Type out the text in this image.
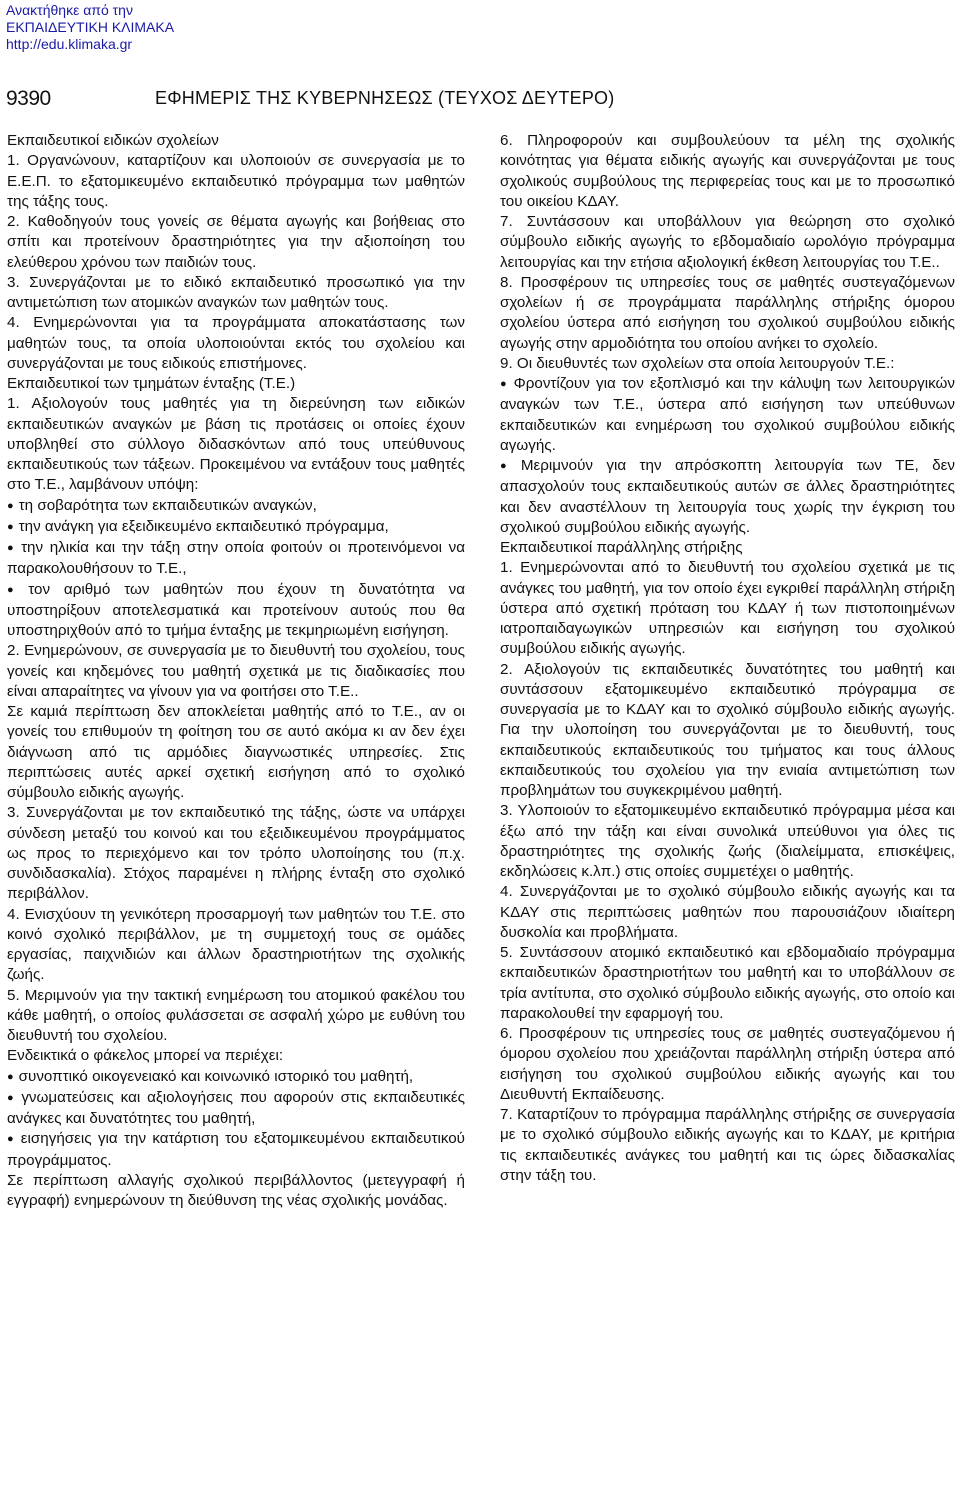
Ανακτήθηκε από την
ΕΚΠΑΙΔΕΥΤΙΚΗ ΚΛΙΜΑΚΑ
http://edu.klimaka.gr
9390	ΕΦΗΜΕΡΙΣ ΤΗΣ ΚΥΒΕΡΝΗΣΕΩΣ (ΤΕΥΧΟΣ ΔΕΥΤΕΡΟ)

Εκπαιδευτικοί ειδικών σχολείων

1. Οργανώνουν, καταρτίζουν και υλοποιούν σε συνεργασία με το Ε.Ε.Π. το εξατομικευμένο εκπαιδευτικό πρόγραμμα των μαθητών της τάξης τους.

2. Καθοδηγούν τους γονείς σε θέματα αγωγής και βοήθειας στο σπίτι και προτείνουν δραστηριότητες για την αξιοποίηση του ελεύθερου χρόνου των παιδιών τους.

3. Συνεργάζονται με το ειδικό εκπαιδευτικό προσωπικό για την αντιμετώπιση των ατομικών αναγκών των μαθητών τους.

4. Ενημερώνονται για τα προγράμματα αποκατάστασης των μαθητών τους, τα οποία υλοποιούνται εκτός του σχολείου και συνεργάζονται με τους ειδικούς επιστήμονες.

Εκπαιδευτικοί των τμημάτων ένταξης (Τ.Ε.)

1. Αξιολογούν τους μαθητές για τη διερεύνηση των ειδικών εκπαιδευτικών αναγκών με βάση τις προτάσεις οι οποίες έχουν υποβληθεί στο σύλλογο διδασκόντων από τους υπεύθυνους εκπαιδευτικούς των τάξεων. Προκειμένου να εντάξουν τους μαθητές στο Τ.Ε., λαμβάνουν υπόψη:

● τη σοβαρότητα των εκπαιδευτικών αναγκών,

● την ανάγκη για εξειδικευμένο εκπαιδευτικό πρόγραμμα,

● την ηλικία και την τάξη στην οποία φοιτούν οι προτεινόμενοι να παρακολουθήσουν το Τ.Ε.,

● τον αριθμό των μαθητών που έχουν τη δυνατότητα να υποστηρίξουν αποτελεσματικά και προτείνουν αυτούς που θα υποστηριχθούν από το τμήμα ένταξης με τεκμηριωμένη εισήγηση.

2. Ενημερώνουν, σε συνεργασία με το διευθυντή του σχολείου, τους γονείς και κηδεμόνες του μαθητή σχετικά με τις διαδικασίες που είναι απαραίτητες να γίνουν για να φοιτήσει στο Τ.Ε..

Σε καμιά περίπτωση δεν αποκλείεται μαθητής από το Τ.Ε., αν οι γονείς του επιθυμούν τη φοίτηση του σε αυτό ακόμα κι αν δεν έχει διάγνωση από τις αρμόδιες διαγνωστικές υπηρεσίες. Στις περιπτώσεις αυτές αρκεί σχετική εισήγηση από το σχολικό σύμβουλο ειδικής αγωγής.

3. Συνεργάζονται με τον εκπαιδευτικό της τάξης, ώστε να υπάρχει σύνδεση μεταξύ του κοινού και του εξειδικευμένου προγράμματος ως προς το περιεχόμενο και τον τρόπο υλοποίησης του (π.χ. συνδιδασκαλία). Στόχος παραμένει η πλήρης ένταξη στο σχολικό περιβάλλον.

4. Ενισχύουν τη γενικότερη προσαρμογή των μαθητών του Τ.Ε. στο κοινό σχολικό περιβάλλον, με τη συμμετοχή τους σε ομάδες εργασίας, παιχνιδιών και άλλων δραστηριοτήτων της σχολικής ζωής.

5. Μεριμνούν για την τακτική ενημέρωση του ατομικού φακέλου του κάθε μαθητή, ο οποίος φυλάσσεται σε ασφαλή χώρο με ευθύνη του διευθυντή του σχολείου.

Ενδεικτικά ο φάκελος μπορεί να περιέχει:

● συνοπτικό οικογενειακό και κοινωνικό ιστορικό του μαθητή,

● γνωματεύσεις και αξιολογήσεις που αφορούν στις εκπαιδευτικές ανάγκες και δυνατότητες του μαθητή,

● εισηγήσεις για την κατάρτιση του εξατομικευμένου εκπαιδευτικού προγράμματος.

Σε περίπτωση αλλαγής σχολικού περιβάλλοντος (μετεγγραφή ή εγγραφή) ενημερώνουν τη διεύθυνση της νέας σχολικής μονάδας.

6. Πληροφορούν και συμβουλεύουν τα μέλη της σχολικής κοινότητας για θέματα ειδικής αγωγής και συνεργάζονται με τους σχολικούς συμβούλους της περιφερείας τους και με το προσωπικό του οικείου ΚΔΑΥ.

7. Συντάσσουν και υποβάλλουν για θεώρηση στο σχολικό σύμβουλο ειδικής αγωγής το εβδομαδιαίο ωρολόγιο πρόγραμμα λειτουργίας και την ετήσια αξιολογική έκθεση λειτουργίας του Τ.Ε..

8. Προσφέρουν τις υπηρεσίες τους σε μαθητές συστεγαζόμενων σχολείων ή σε προγράμματα παράλληλης στήριξης όμορου σχολείου ύστερα από εισήγηση του σχολικού συμβούλου ειδικής αγωγής στην αρμοδιότητα του οποίου ανήκει το σχολείο.

9. Οι διευθυντές των σχολείων στα οποία λειτουργούν Τ.Ε.:

● Φροντίζουν για τον εξοπλισμό και την κάλυψη των λειτουργικών αναγκών των Τ.Ε., ύστερα από εισήγηση των υπεύθυνων εκπαιδευτικών και ενημέρωση του σχολικού συμβούλου ειδικής αγωγής.

● Μεριμνούν για την απρόσκοπτη λειτουργία των ΤΕ, δεν απασχολούν τους εκπαιδευτικούς αυτών σε άλλες δραστηριότητες και δεν αναστέλλουν τη λειτουργία τους χωρίς την έγκριση του σχολικού συμβούλου ειδικής αγωγής.

Εκπαιδευτικοί παράλληλης στήριξης

1. Ενημερώνονται από το διευθυντή του σχολείου σχετικά με τις ανάγκες του μαθητή, για τον οποίο έχει εγκριθεί παράλληλη στήριξη ύστερα από σχετική πρόταση του ΚΔΑΥ ή των πιστοποιημένων ιατροπαιδαγωγικών υπηρεσιών και εισήγηση του σχολικού συμβούλου ειδικής αγωγής.

2. Αξιολογούν τις εκπαιδευτικές δυνατότητες του μαθητή και συντάσσουν εξατομικευμένο εκπαιδευτικό πρόγραμμα σε συνεργασία με το ΚΔΑΥ και το σχολικό σύμβουλο ειδικής αγωγής. Για την υλοποίηση του συνεργάζονται με το διευθυντή, τους εκπαιδευτικούς εκπαιδευτικούς του τμήματος και τους άλλους εκπαιδευτικούς του σχολείου για την ενιαία αντιμετώπιση των προβλημάτων του συγκεκριμένου μαθητή.

3. Υλοποιούν το εξατομικευμένο εκπαιδευτικό πρόγραμμα μέσα και έξω από την τάξη και είναι συνολικά υπεύθυνοι για όλες τις δραστηριότητες της σχολικής ζωής (διαλείμματα, επισκέψεις, εκδηλώσεις κ.λπ.) στις οποίες συμμετέχει ο μαθητής.

4. Συνεργάζονται με το σχολικό σύμβουλο ειδικής αγωγής και τα ΚΔΑΥ στις περιπτώσεις μαθητών που παρουσιάζουν ιδιαίτερη δυσκολία και προβλήματα.

5. Συντάσσουν ατομικό εκπαιδευτικό και εβδομαδιαίο πρόγραμμα εκπαιδευτικών δραστηριοτήτων του μαθητή και το υποβάλλουν σε τρία αντίτυπα, στο σχολικό σύμβουλο ειδικής αγωγής, στο οποίο και παρακολουθεί την εφαρμογή του.

6. Προσφέρουν τις υπηρεσίες τους σε μαθητές συστεγαζόμενου ή όμορου σχολείου που χρειάζονται παράλληλη στήριξη ύστερα από εισήγηση του σχολικού συμβούλου ειδικής αγωγής και του Διευθυντή Εκπαίδευσης.

7. Καταρτίζουν το πρόγραμμα παράλληλης στήριξης σε συνεργασία με το σχολικό σύμβουλο ειδικής αγωγής και το ΚΔΑΥ, με κριτήρια τις εκπαιδευτικές ανάγκες του μαθητή και τις ώρες διδασκαλίας στην τάξη του.
